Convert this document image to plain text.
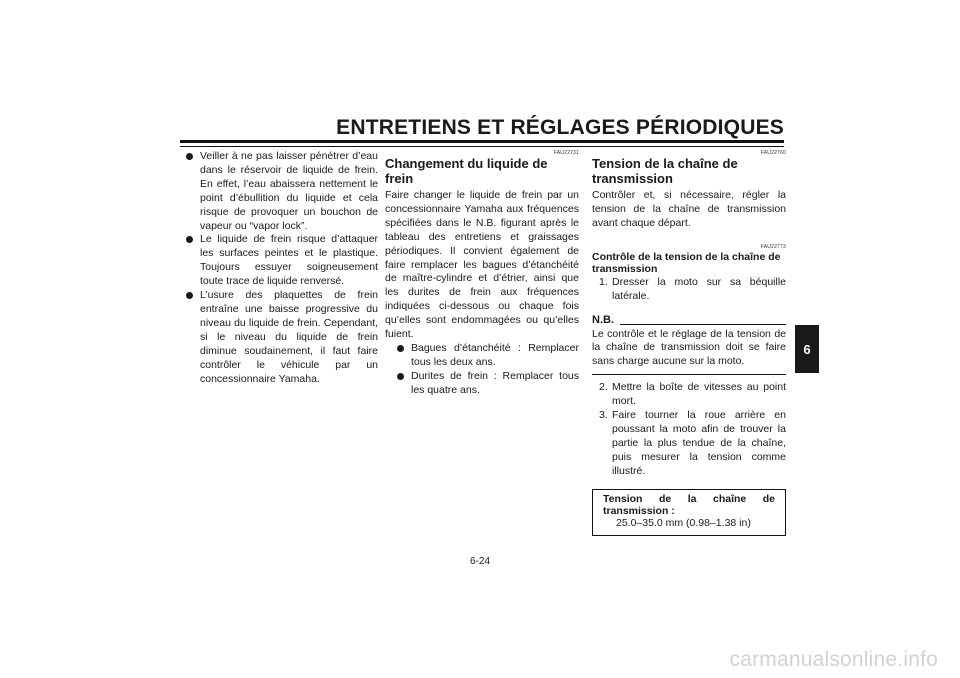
ENTRETIENS ET RÉGLAGES PÉRIODIQUES
Veiller à ne pas laisser pénétrer d’eau dans le réservoir de liquide de frein. En effet, l’eau abaissera nettement le point d’ébullition du liquide et cela risque de provoquer un bouchon de vapeur ou “vapor lock”.
Le liquide de frein risque d’attaquer les surfaces peintes et le plastique. Toujours essuyer soigneusement toute trace de liquide renversé.
L’usure des plaquettes de frein entraîne une baisse progressive du niveau du liquide de frein. Cependant, si le niveau du liquide de frein diminue soudainement, il faut faire contrôler le véhicule par un concessionnaire Yamaha.
FAU22731
Changement du liquide de frein
Faire changer le liquide de frein par un concessionnaire Yamaha aux fréquences spécifiées dans le N.B. figurant après le tableau des entretiens et graissages périodiques. Il convient également de faire remplacer les bagues d’étanchéité de maître-cylindre et d’étrier, ainsi que les durites de frein aux fréquences indiquées ci-dessous ou chaque fois qu’elles sont endommagées ou qu’elles fuient.
Bagues d’étanchéité : Remplacer tous les deux ans.
Durites de frein : Remplacer tous les quatre ans.
FAU22760
Tension de la chaîne de transmission
Contrôler et, si nécessaire, régler la tension de la chaîne de transmission avant chaque départ.
FAU22773
Contrôle de la tension de la chaîne de transmission
1. Dresser la moto sur sa béquille latérale.
N.B.
Le contrôle et le réglage de la tension de la chaîne de transmission doit se faire sans charge aucune sur la moto.
2. Mettre la boîte de vitesses au point mort.
3. Faire tourner la roue arrière en poussant la moto afin de trouver la partie la plus tendue de la chaîne, puis mesurer la tension comme illustré.
Tension de la chaîne de transmission :
25.0–35.0 mm (0.98–1.38 in)
6
6-24
carmanualsonline.info
